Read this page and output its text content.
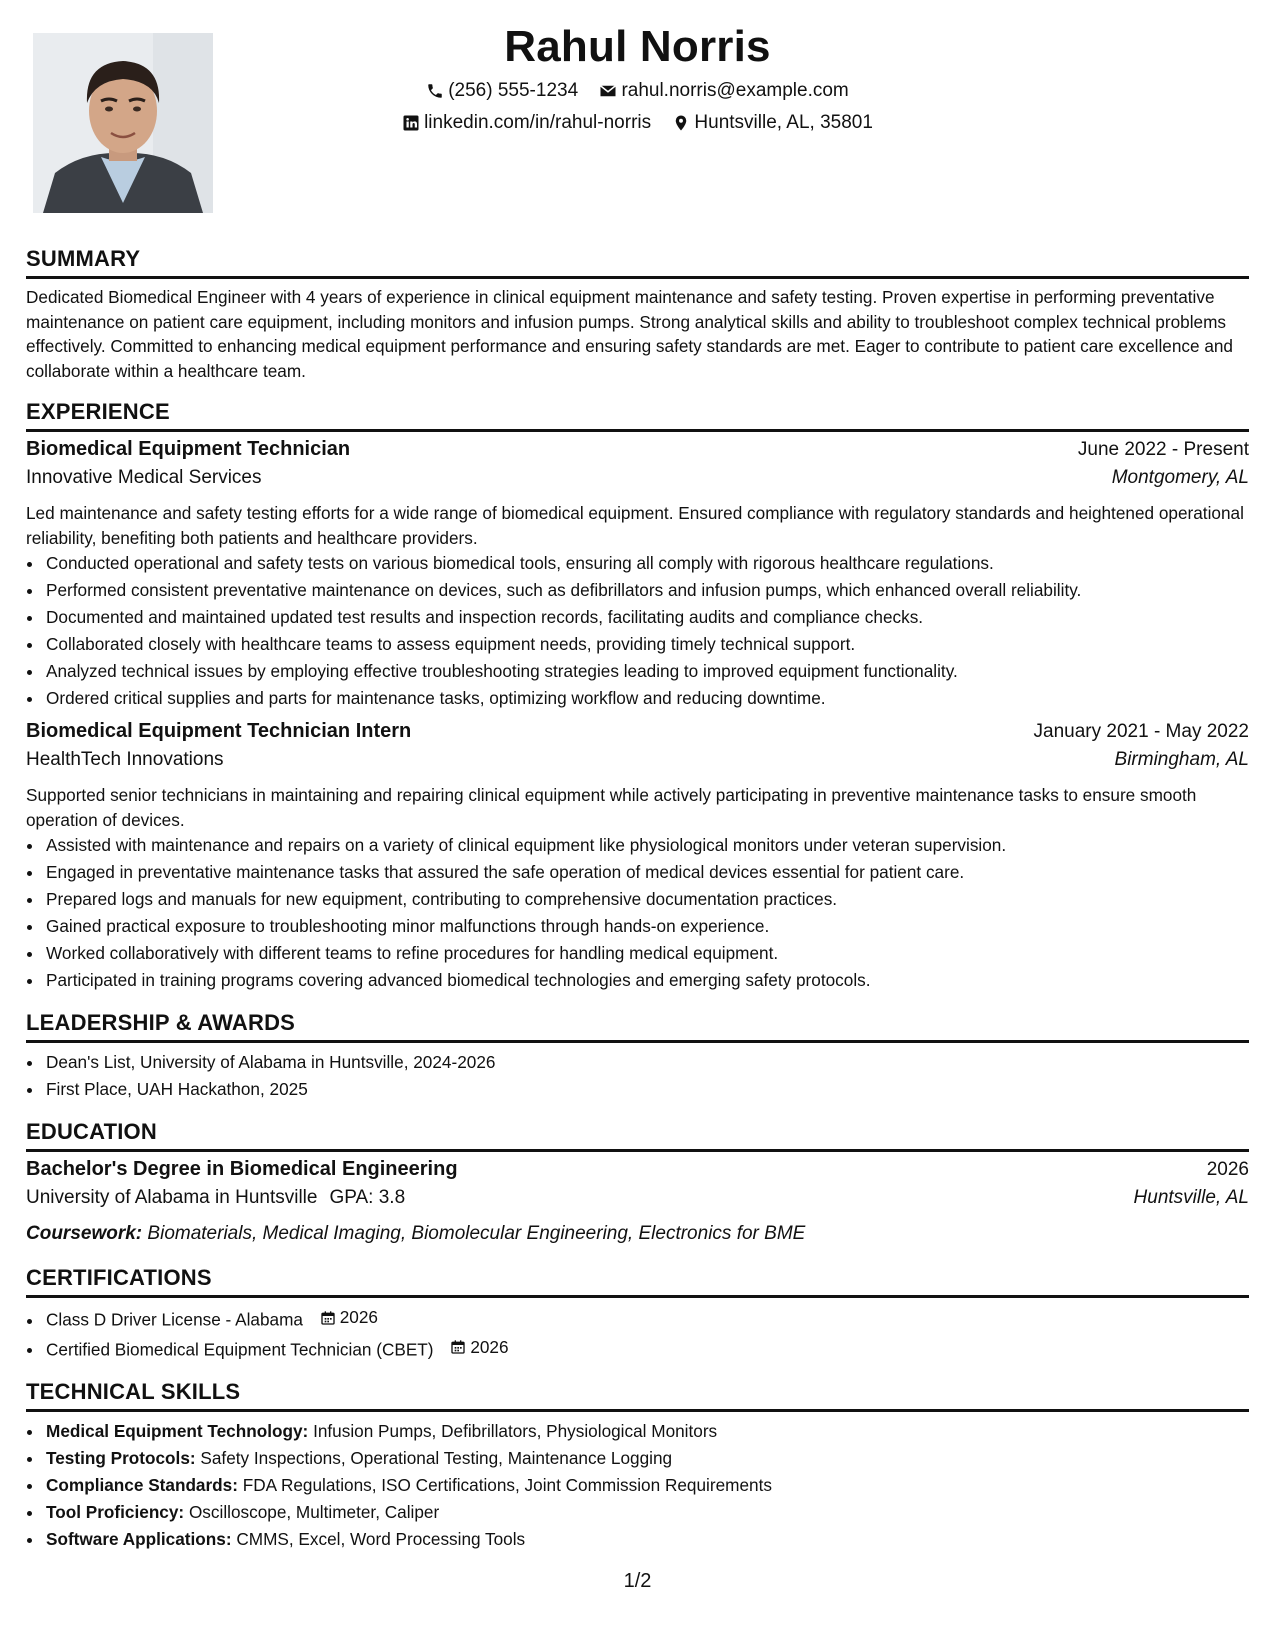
Rahul Norris
(256) 555-1234
rahul.norris@example.com
linkedin.com/in/rahul-norris
Huntsville, AL, 35801
SUMMARY
Dedicated Biomedical Engineer with 4 years of experience in clinical equipment maintenance and safety testing. Proven expertise in performing preventative maintenance on patient care equipment, including monitors and infusion pumps. Strong analytical skills and ability to troubleshoot complex technical problems effectively. Committed to enhancing medical equipment performance and ensuring safety standards are met. Eager to contribute to patient care excellence and collaborate within a healthcare team.
EXPERIENCE
Biomedical Equipment Technician	June 2022 - Present
Innovative Medical Services	Montgomery, AL
Led maintenance and safety testing efforts for a wide range of biomedical equipment. Ensured compliance with regulatory standards and heightened operational reliability, benefiting both patients and healthcare providers.
• Conducted operational and safety tests on various biomedical tools, ensuring all comply with rigorous healthcare regulations.
• Performed consistent preventative maintenance on devices, such as defibrillators and infusion pumps, which enhanced overall reliability.
• Documented and maintained updated test results and inspection records, facilitating audits and compliance checks.
• Collaborated closely with healthcare teams to assess equipment needs, providing timely technical support.
• Analyzed technical issues by employing effective troubleshooting strategies leading to improved equipment functionality.
• Ordered critical supplies and parts for maintenance tasks, optimizing workflow and reducing downtime.
Biomedical Equipment Technician Intern	January 2021 - May 2022
HealthTech Innovations	Birmingham, AL
Supported senior technicians in maintaining and repairing clinical equipment while actively participating in preventive maintenance tasks to ensure smooth operation of devices.
• Assisted with maintenance and repairs on a variety of clinical equipment like physiological monitors under veteran supervision.
• Engaged in preventative maintenance tasks that assured the safe operation of medical devices essential for patient care.
• Prepared logs and manuals for new equipment, contributing to comprehensive documentation practices.
• Gained practical exposure to troubleshooting minor malfunctions through hands-on experience.
• Worked collaboratively with different teams to refine procedures for handling medical equipment.
• Participated in training programs covering advanced biomedical technologies and emerging safety protocols.
LEADERSHIP & AWARDS
• Dean's List, University of Alabama in Huntsville, 2024-2026
• First Place, UAH Hackathon, 2025
EDUCATION
Bachelor's Degree in Biomedical Engineering	2026
University of Alabama in Huntsville GPA: 3.8	Huntsville, AL
Coursework: Biomaterials, Medical Imaging, Biomolecular Engineering, Electronics for BME
CERTIFICATIONS
• Class D Driver License - Alabama 2026
• Certified Biomedical Equipment Technician (CBET) 2026
TECHNICAL SKILLS
• Medical Equipment Technology: Infusion Pumps, Defibrillators, Physiological Monitors
• Testing Protocols: Safety Inspections, Operational Testing, Maintenance Logging
• Compliance Standards: FDA Regulations, ISO Certifications, Joint Commission Requirements
• Tool Proficiency: Oscilloscope, Multimeter, Caliper
• Software Applications: CMMS, Excel, Word Processing Tools
1/2
